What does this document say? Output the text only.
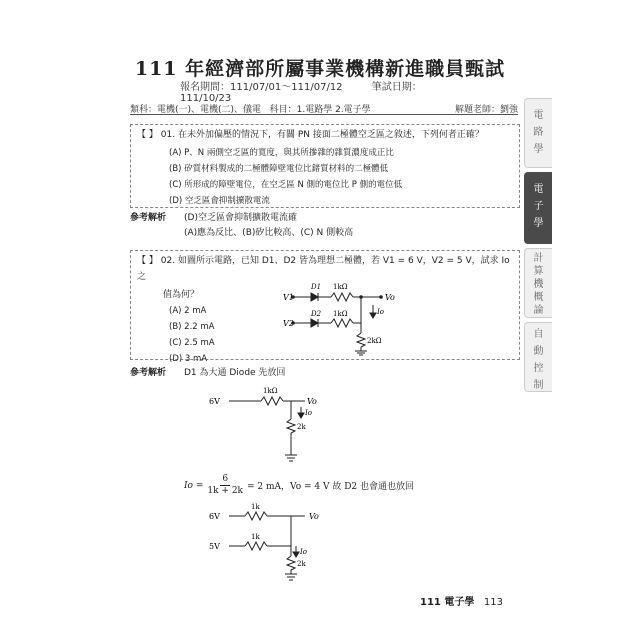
111 年經濟部所屬事業機構新進職員甄試
報名期間：111/07/01～111/07/12	筆試日期：111/10/23
類科：電機(一)、電機(二)、儀電 科目：1.電路學 2.電子學	解題老師：劉強
【 】 01. 在未外加偏壓的情況下，有關 PN 接面二極體空乏區之敘述，下列何者正確？
(A) P、N 兩側空乏區的寬度，與其所摻雜的雜質濃度成正比
(B) 矽質材料製成的二極體障壁電位比鍺質材料的二極體低
(C) 所形成的障壁電位，在空乏區 N 側的電位比 P 側的電位低
(D) 空乏區會抑制擴散電流
參考解析 (D)空乏區會抑制擴散電流確
(A)應為反比、(B)矽比較高、(C) N 側較高
【 】 02. 如圖所示電路，已知 D1、D2 皆為理想二極體，若 V1 = 6 V，V2 = 5 V，試求 Io 之
值為何？
(A) 2 mA
(B) 2.2 mA
(C) 2.5 mA
(D) 3 mA
V1
V2
D1
D2
1kΩ
1kΩ
Vo
Io
2kΩ
參考解析 D1 為大通 Diode 先放回
6V
1kΩ
Vo
Io
2k
$Io = \frac{6}{1k + 2k} = 2$ mA，Vo = 4 V 故 D2 也會通也放回
6V
5V
1k
1k
Vo
Io
2k
電
路
學
電
子
學
計
算
機
概
論
自
動
控
制
111 電子學 113
